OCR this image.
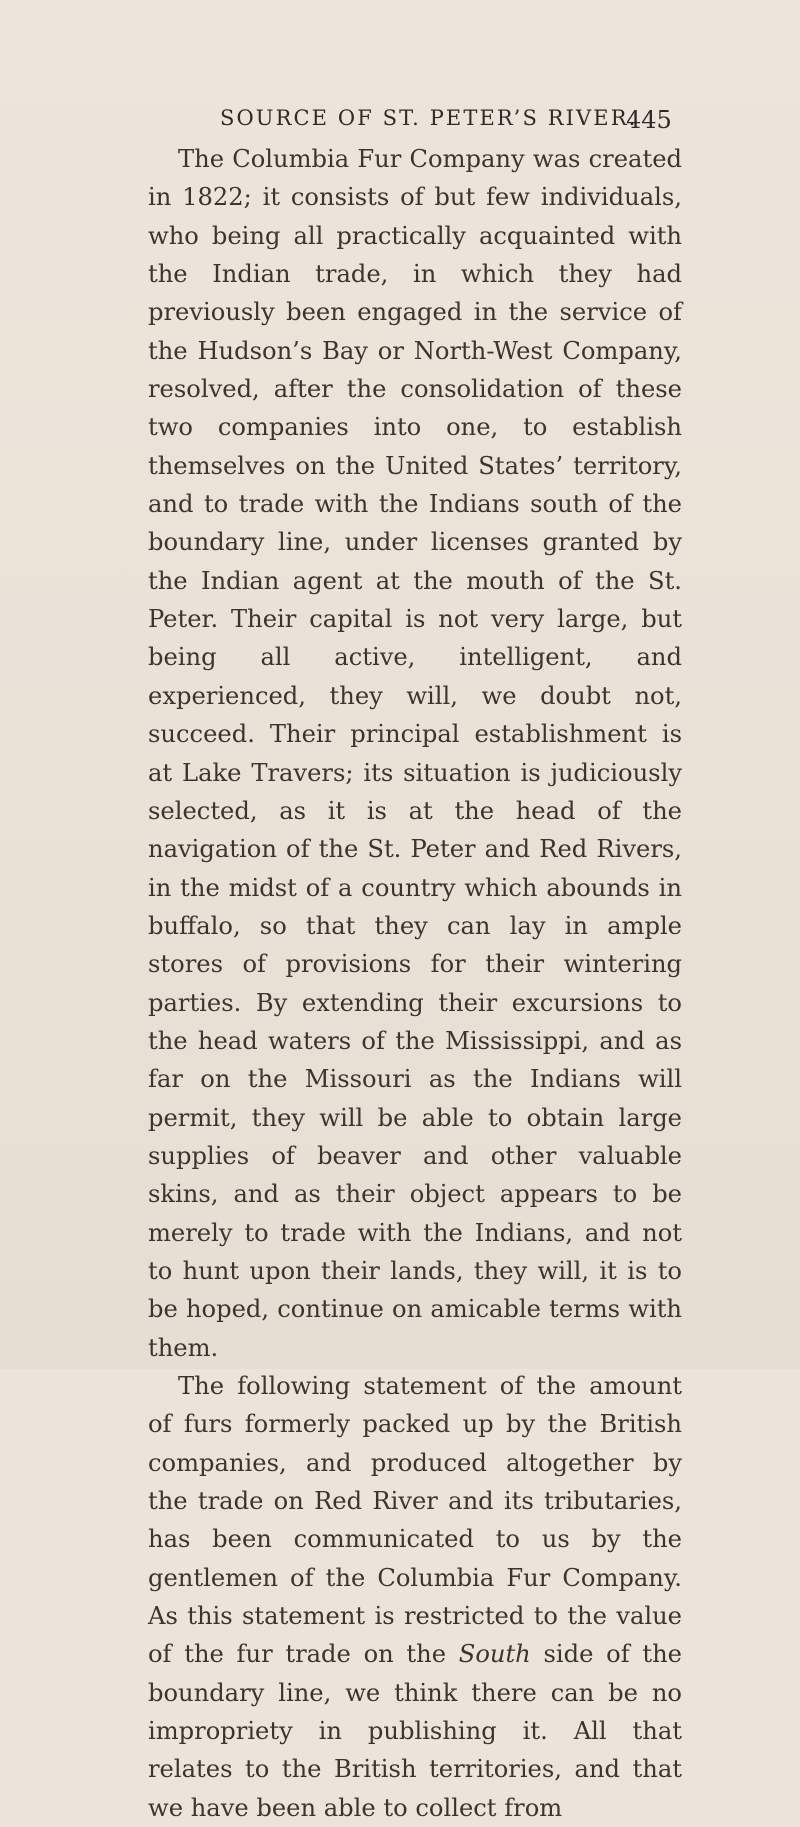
SOURCE OF ST. PETER’S RIVER.
445

The Columbia Fur Company was created in 1822; it consists of but few individuals, who being all practically acquainted with the Indian trade, in which they had previously been engaged in the service of the Hudson’s Bay or North-West Company, resolved, after the consolidation of these two companies into one, to establish themselves on the United States’ territory, and to trade with the Indians south of the boundary line, under licenses granted by the Indian agent at the mouth of the St. Peter. Their capital is not very large, but being all active, intelligent, and experienced, they will, we doubt not, succeed. Their principal establishment is at Lake Travers; its situation is judiciously selected, as it is at the head of the navigation of the St. Peter and Red Rivers, in the midst of a country which abounds in buffalo, so that they can lay in ample stores of provisions for their wintering parties. By extending their excursions to the head waters of the Mississippi, and as far on the Missouri as the Indians will permit, they will be able to obtain large supplies of beaver and other valuable skins, and as their object appears to be merely to trade with the Indians, and not to hunt upon their lands, they will, it is to be hoped, continue on amicable terms with them.

The following statement of the amount of furs formerly packed up by the British companies, and produced altogether by the trade on Red River and its tributaries, has been communicated to us by the gentlemen of the Columbia Fur Company. As this statement is restricted to the value of the fur trade on the South side of the boundary line, we think there can be no impropriety in publishing it. All that relates to the British territories, and that we have been able to collect from
